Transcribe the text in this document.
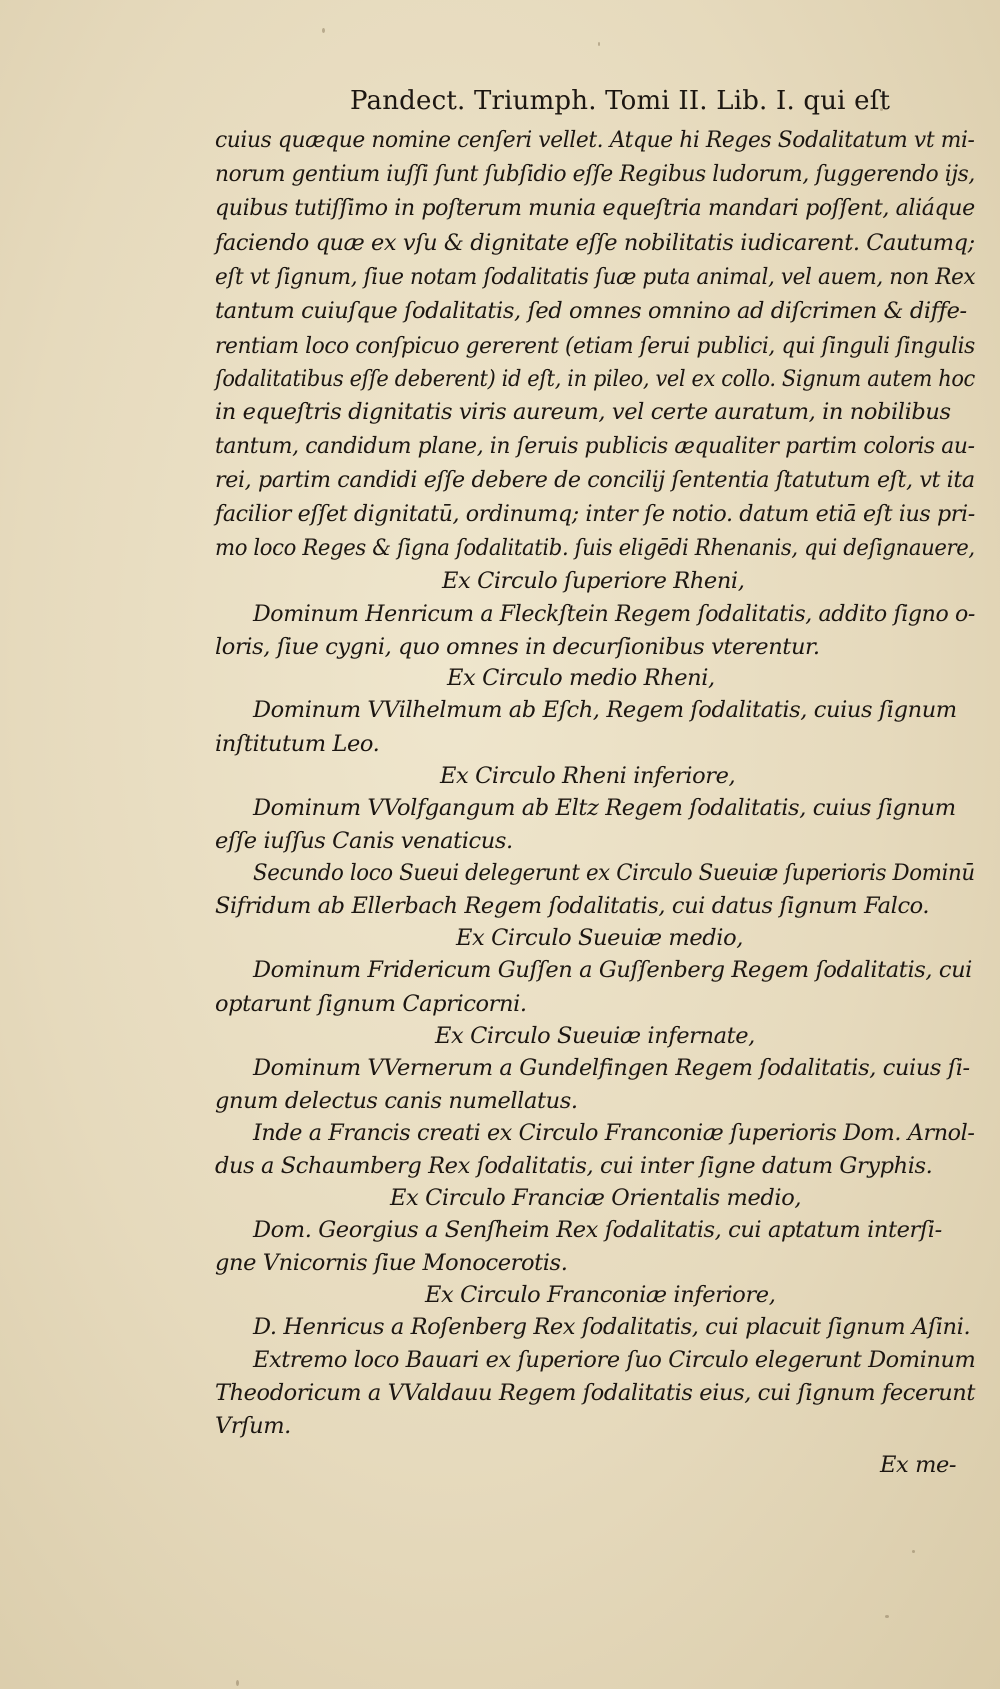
Pandect. Triumph. Tomi II. Lib. I. qui eſt
cuius quæque nomine cenſeri vellet. Atque hi Reges Sodalitatum vt mi-
norum gentium iuſſi ſunt ſubſidio eſſe Regibus ludorum, ſuggerendo ijs,
quibus tutiſſimo in poſterum munia equeſtria mandari poſſent, aliáque
faciendo quæ ex vſu & dignitate eſſe nobilitatis iudicarent. Cautumq;
eſt vt ſignum, ſiue notam ſodalitatis ſuæ puta animal, vel auem, non Rex
tantum cuiuſque ſodalitatis, ſed omnes omnino ad diſcrimen & diffe-
rentiam loco conſpicuo gererent (etiam ſerui publici, qui ſinguli ſingulis
ſodalitatibus eſſe deberent) id eſt, in pileo, vel ex collo. Signum autem hoc
in equeſtris dignitatis viris aureum, vel certe auratum, in nobilibus
tantum, candidum plane, in ſeruis publicis æqualiter partim coloris au-
rei, partim candidi eſſe debere de concilij ſententia ſtatutum eſt, vt ita
facilior eſſet dignitatū, ordinumq; inter ſe notio. datum etiā eſt ius pri-
mo loco Reges & ſigna ſodalitatib. ſuis eligēdi Rhenanis, qui deſignauere,
Ex Circulo ſuperiore Rheni,
Dominum Henricum a Fleckſtein Regem ſodalitatis, addito ſigno o-
loris, ſiue cygni, quo omnes in decurſionibus vterentur.
Ex Circulo medio Rheni,
Dominum VVilhelmum ab Eſch, Regem ſodalitatis, cuius ſignum
inſtitutum Leo.
Ex Circulo Rheni inferiore,
Dominum VVolfgangum ab Eltz Regem ſodalitatis, cuius ſignum
eſſe iuſſus Canis venaticus.
Secundo loco Sueui delegerunt ex Circulo Sueuiæ ſuperioris Dominū
Sifridum ab Ellerbach Regem ſodalitatis, cui datus ſignum Falco.
Ex Circulo Sueuiæ medio,
Dominum Fridericum Guſſen a Guſſenberg Regem ſodalitatis, cui
optarunt ſignum Capricorni.
Ex Circulo Sueuiæ infernate,
Dominum VVernerum a Gundelfingen Regem ſodalitatis, cuius ſi-
gnum delectus canis numellatus.
Inde a Francis creati ex Circulo Franconiæ ſuperioris Dom. Arnol-
dus a Schaumberg Rex ſodalitatis, cui inter ſigne datum Gryphis.
Ex Circulo Franciæ Orientalis medio,
Dom. Georgius a Senſheim Rex ſodalitatis, cui aptatum interſi-
gne Vnicornis ſiue Monocerotis.
Ex Circulo Franconiæ inferiore,
D. Henricus a Roſenberg Rex ſodalitatis, cui placuit ſignum Aſini.
Extremo loco Bauari ex ſuperiore ſuo Circulo elegerunt Dominum
Theodoricum a VValdauu Regem ſodalitatis eius, cui ſignum fecerunt
Vrſum.
Ex me-
